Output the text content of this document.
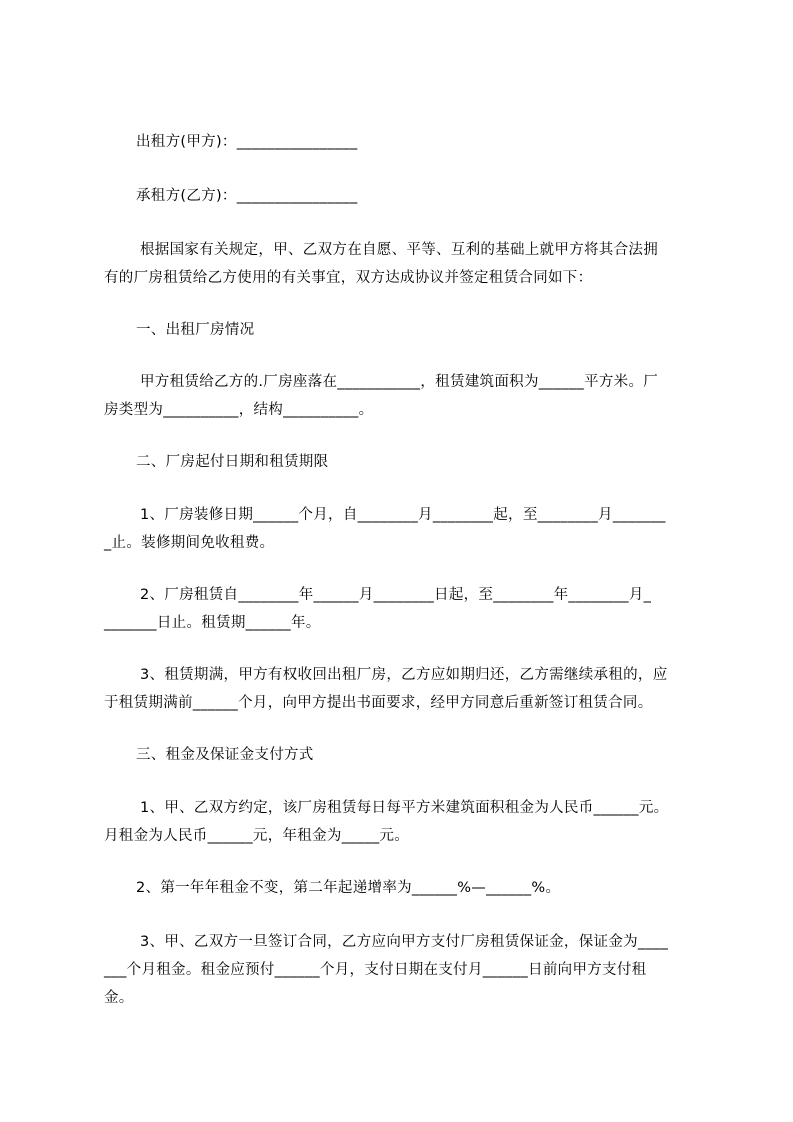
出租方(甲方)：________________
承租方(乙方)：________________
根据国家有关规定，甲、乙双方在自愿、平等、互利的基础上就甲方将其合法拥
有的厂房租赁给乙方使用的有关事宜，双方达成协议并签定租赁合同如下：
一、出租厂房情况
甲方租赁给乙方的.厂房座落在___________，租赁建筑面积为______平方米。厂
房类型为__________，结构__________。
二、厂房起付日期和租赁期限
1、厂房装修日期______个月，自________月________起，至________月_______
_止。装修期间免收租费。
2、厂房租赁自________年______月________日起，至________年________月_
_______日止。租赁期______年。
3、租赁期满，甲方有权收回出租厂房，乙方应如期归还，乙方需继续承租的，应
于租赁期满前______个月，向甲方提出书面要求，经甲方同意后重新签订租赁合同。
三、租金及保证金支付方式
1、甲、乙双方约定，该厂房租赁每日每平方米建筑面积租金为人民币______元。
月租金为人民币______元，年租金为_____元。
2、第一年年租金不变，第二年起递增率为______%—______%。
3、甲、乙双方一旦签订合同，乙方应向甲方支付厂房租赁保证金，保证金为____
___个月租金。租金应预付______个月，支付日期在支付月______日前向甲方支付租
金。
